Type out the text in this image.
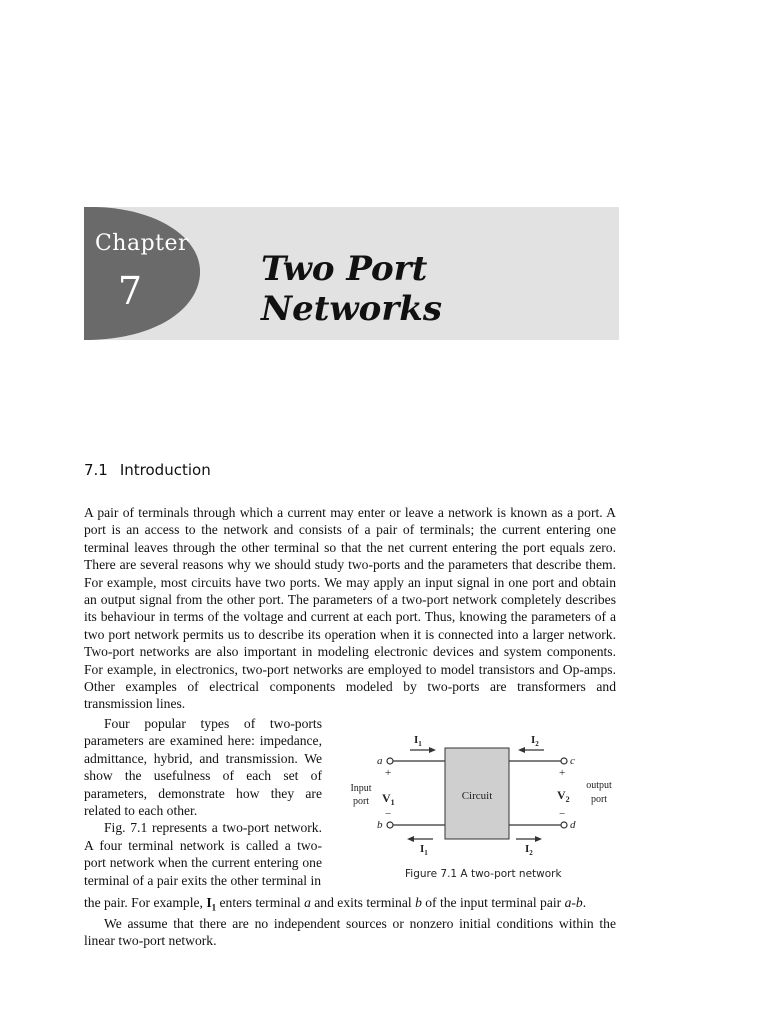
Chapter
7	Two Port Networks
7.1 Introduction

A pair of terminals through which a current may enter or leave a network is known as a port. A port is an access to the network and consists of a pair of terminals; the current entering one terminal leaves through the other terminal so that the net current entering the port equals zero. There are several reasons why we should study two-ports and the parameters that describe them. For example, most circuits have two ports. We may apply an input signal in one port and obtain an output signal from the other port. The parameters of a two-port network completely describes its behaviour in terms of the voltage and current at each port. Thus, knowing the parameters of a two port network permits us to describe its operation when it is connected into a larger network. Two-port networks are also important in modeling electronic devices and system components. For example, in electronics, two-port networks are employed to model transistors and Op-amps. Other examples of electrical components modeled by two-ports are transformers and transmission lines.

Four popular types of two-ports parameters are examined here: impedance, admittance, hybrid, and transmission. We show the usefulness of each set of parameters, demonstrate how they are related to each other.

Fig. 7.1 represents a two-port network. A four terminal network is called a two-port network when the current entering one terminal of a pair exits the other terminal in

Circuit
a
b
c
d
+
−
+
−
$V_1$
$V_2$
Input
port
output
port
$I_1$
$I_1$
$I_2$
$I_2$
Figure 7.1 A two-port network

the pair. For example, $I_1$ enters terminal a and exits terminal b of the input terminal pair a-b.

We assume that there are no independent sources or nonzero initial conditions within the linear two-port network.
